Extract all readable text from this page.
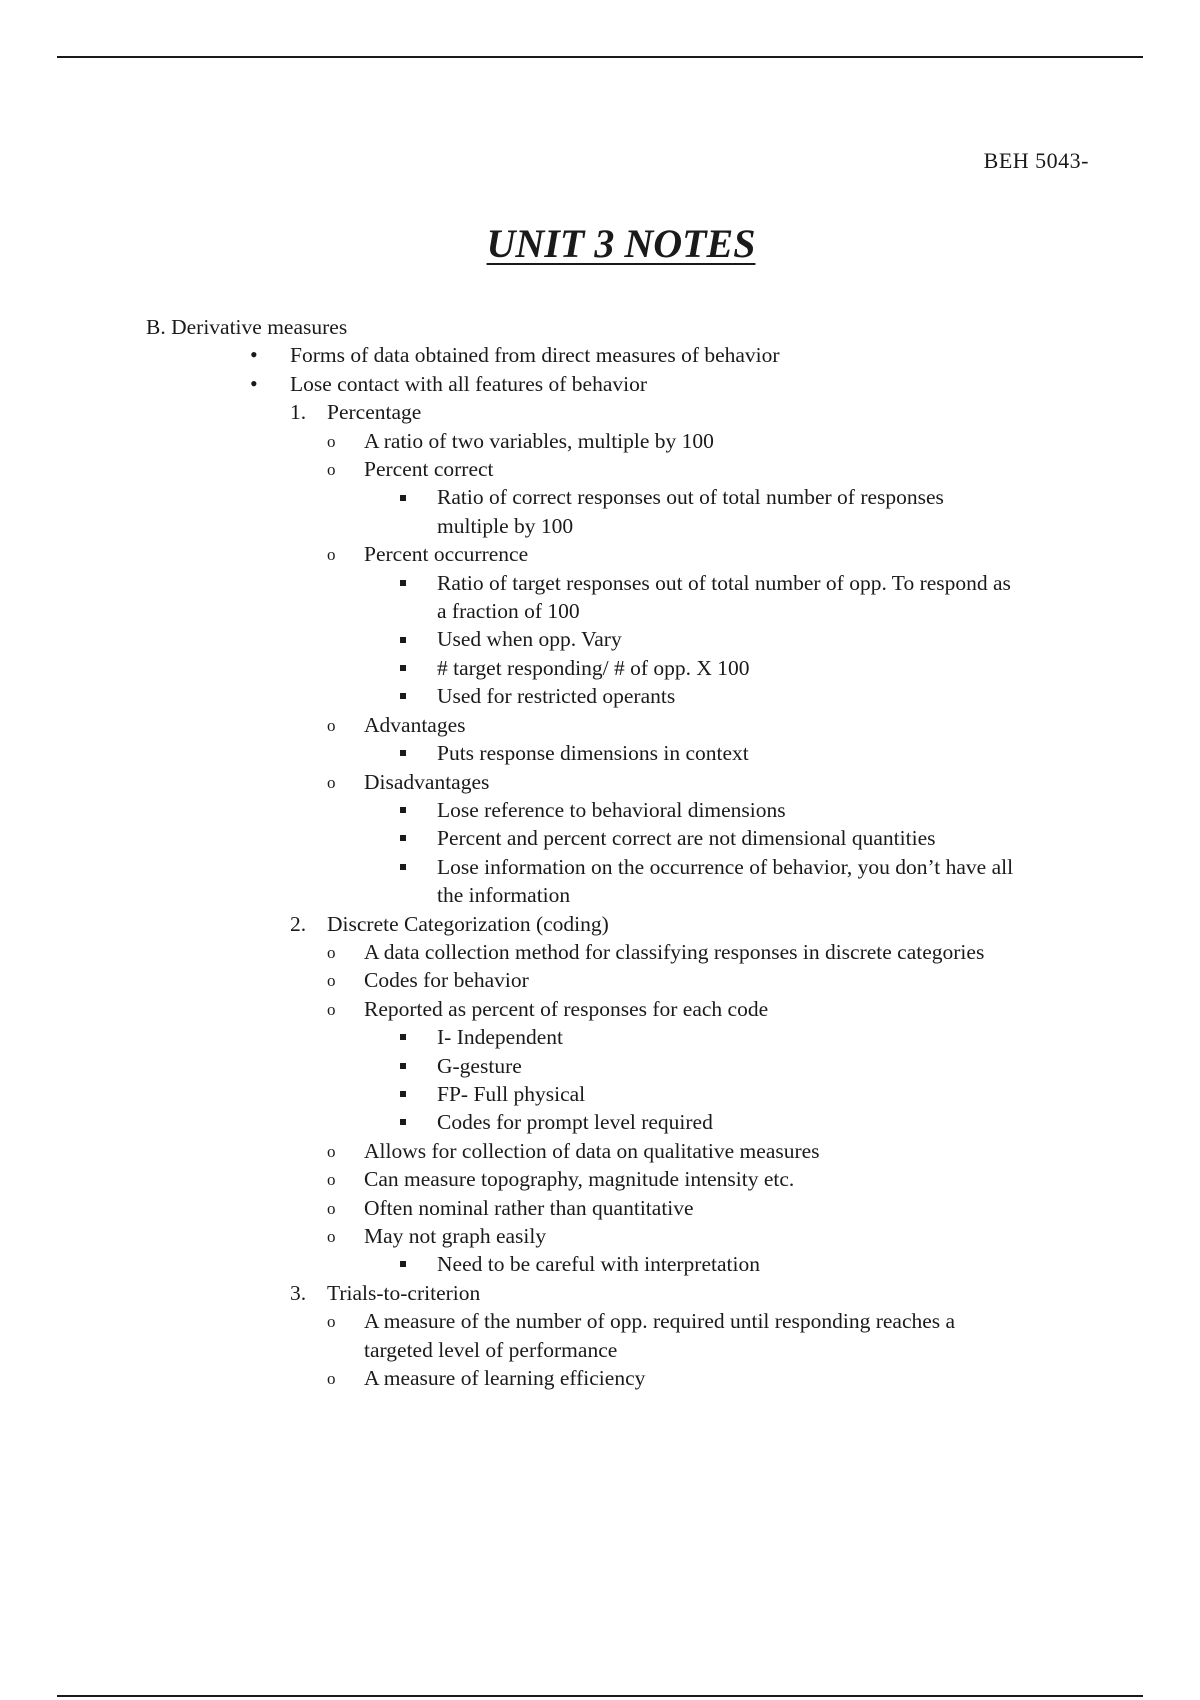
BEH 5043-
UNIT 3 NOTES
B. Derivative measures
• Forms of data obtained from direct measures of behavior
• Lose contact with all features of behavior
1. Percentage
o A ratio of two variables, multiple by 100
o Percent correct
Ratio of correct responses out of total number of responses
multiple by 100
o Percent occurrence
Ratio of target responses out of total number of opp. To respond as
a fraction of 100
Used when opp. Vary
# target responding/ # of opp. X 100
Used for restricted operants
o Advantages
Puts response dimensions in context
o Disadvantages
Lose reference to behavioral dimensions
Percent and percent correct are not dimensional quantities
Lose information on the occurrence of behavior, you don’t have all
the information
2. Discrete Categorization (coding)
o A data collection method for classifying responses in discrete categories
o Codes for behavior
o Reported as percent of responses for each code
I- Independent
G-gesture
FP- Full physical
Codes for prompt level required
o Allows for collection of data on qualitative measures
o Can measure topography, magnitude intensity etc.
o Often nominal rather than quantitative
o May not graph easily
Need to be careful with interpretation
3. Trials-to-criterion
o A measure of the number of opp. required until responding reaches a
targeted level of performance
o A measure of learning efficiency
